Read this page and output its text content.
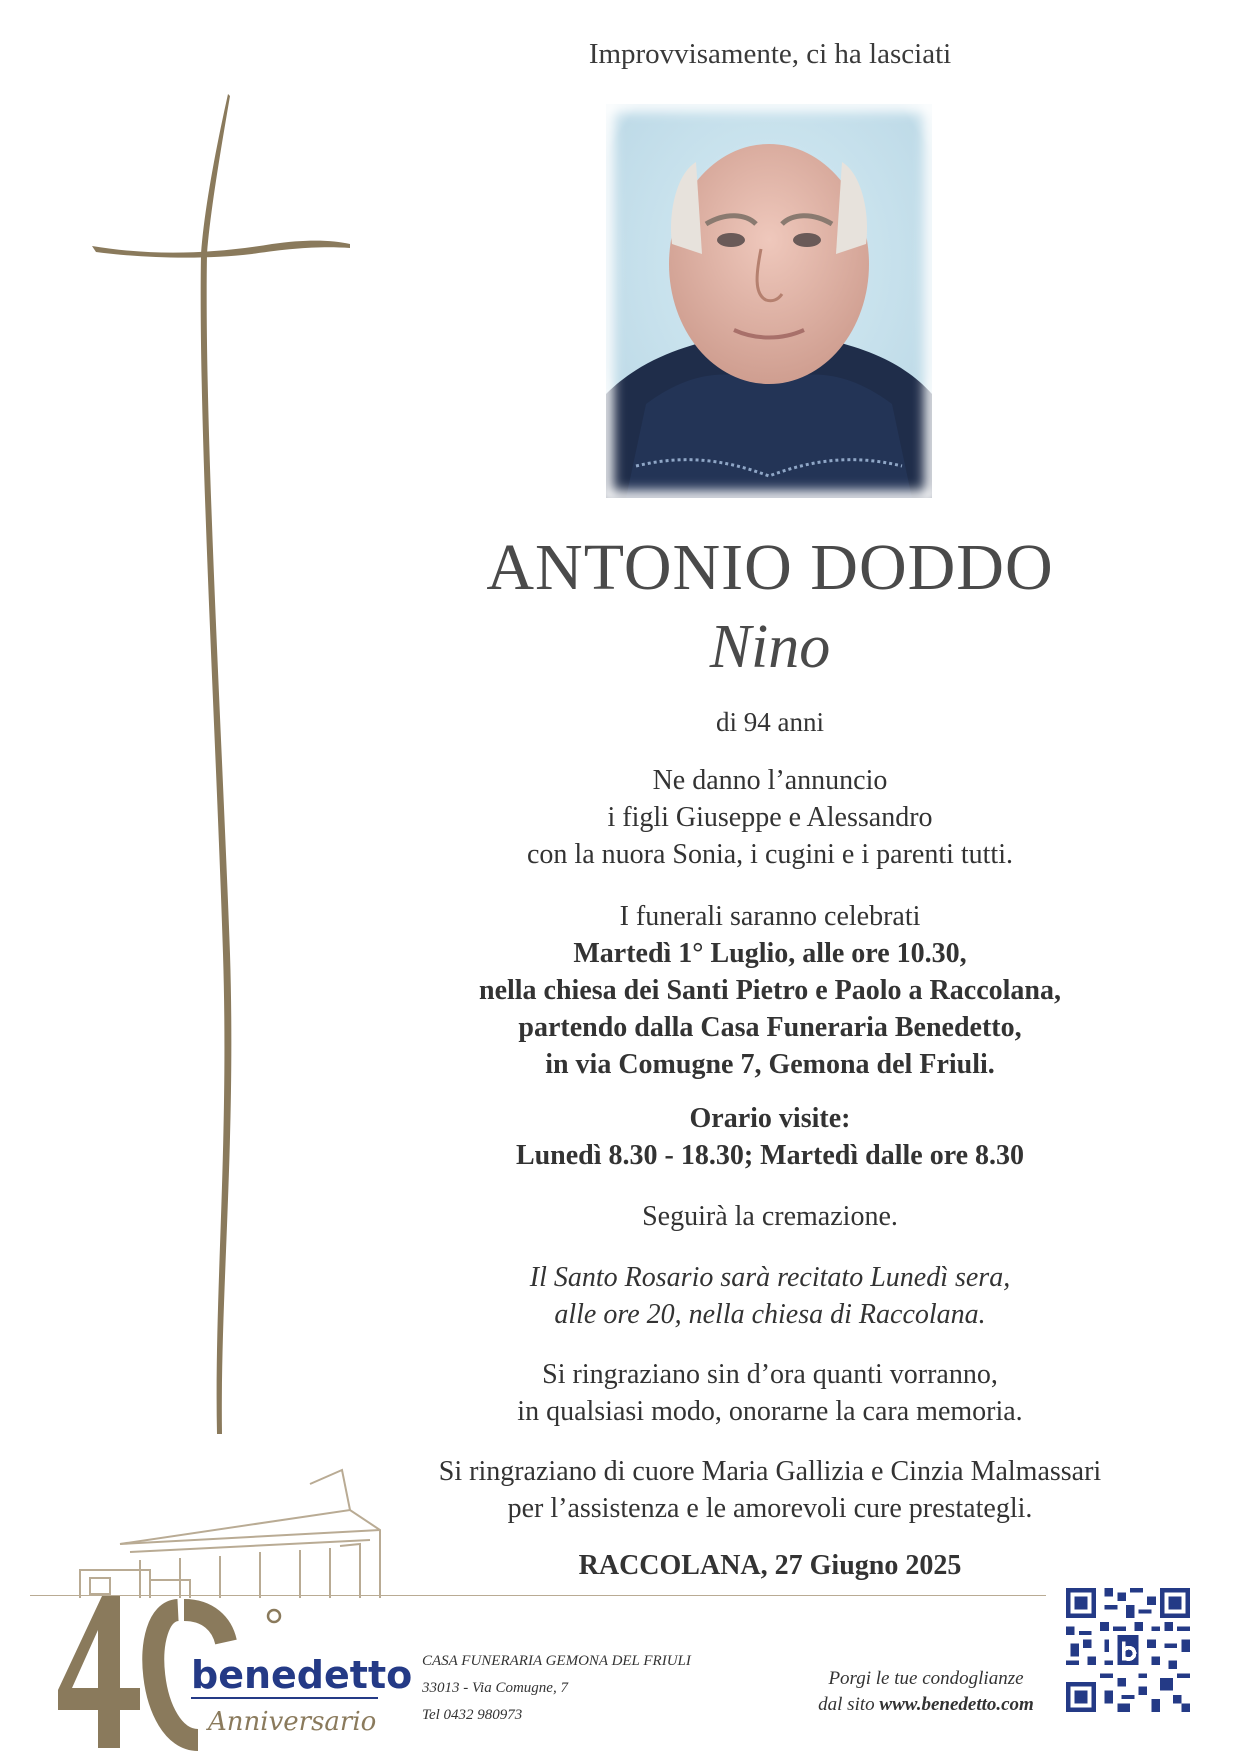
Improvvisamente, ci ha lasciati
ANTONIO DODDO
Nino
di 94 anni
Ne danno l’annuncio
i figli Giuseppe e Alessandro
con la nuora Sonia, i cugini e i parenti tutti.
I funerali saranno celebrati
Martedì 1° Luglio, alle ore 10.30,
nella chiesa dei Santi Pietro e Paolo a Raccolana,
partendo dalla Casa Funeraria Benedetto,
in via Comugne 7, Gemona del Friuli.
Orario visite:
Lunedì 8.30 - 18.30; Martedì dalle ore 8.30
Seguirà la cremazione.
Il Santo Rosario sarà recitato Lunedì sera,
alle ore 20, nella chiesa di Raccolana.
Si ringraziano sin d’ora quanti vorranno,
in qualsiasi modo, onorarne la cara memoria.
Si ringraziano di cuore Maria Gallizia e Cinzia Malmassari
per l’assistenza e le amorevoli cure prestategli.
RACCOLANA, 27 Giugno 2025
benedetto
Anniversario
CASA FUNERARIA GEMONA DEL FRIULI
33013 - Via Comugne, 7
Tel 0432 980973
Porgi le tue condoglianze
dal sito www.benedetto.com
